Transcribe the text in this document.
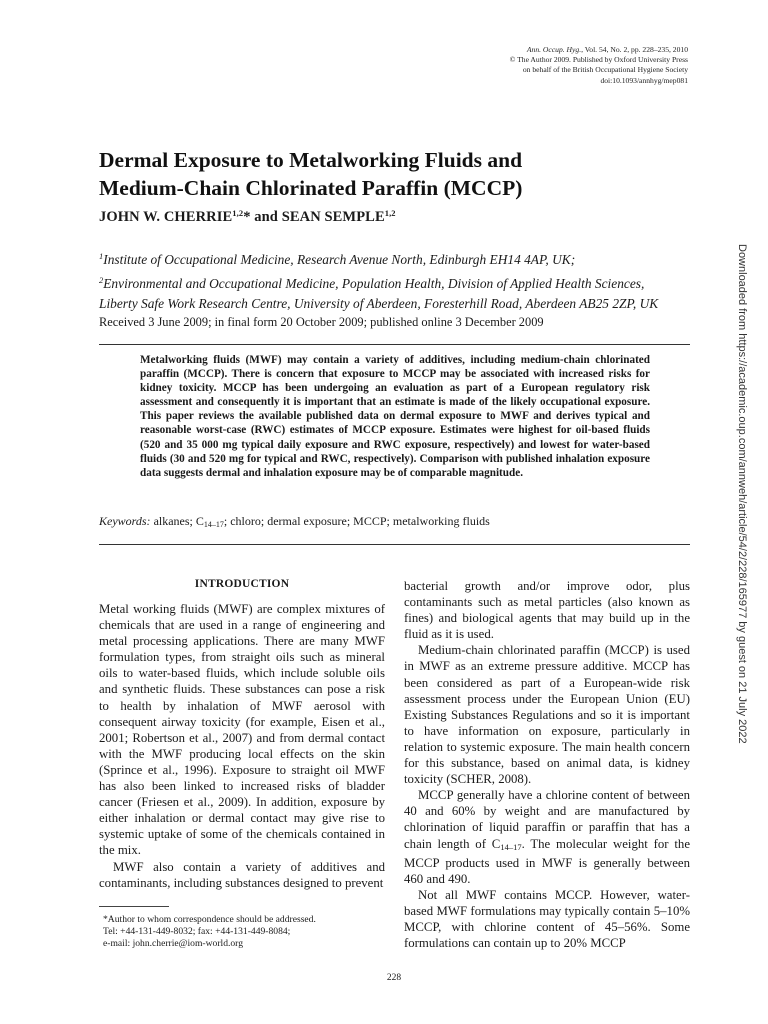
Ann. Occup. Hyg., Vol. 54, No. 2, pp. 228–235, 2010
© The Author 2009. Published by Oxford University Press
on behalf of the British Occupational Hygiene Society
doi:10.1093/annhyg/mep081
Dermal Exposure to Metalworking Fluids and
Medium-Chain Chlorinated Paraffin (MCCP)
JOHN W. CHERRIE$^{1,2}$* and SEAN SEMPLE$^{1,2}$
$^1$Institute of Occupational Medicine, Research Avenue North, Edinburgh EH14 4AP, UK;
$^2$Environmental and Occupational Medicine, Population Health, Division of Applied Health Sciences,
Liberty Safe Work Research Centre, University of Aberdeen, Foresterhill Road, Aberdeen AB25 2ZP, UK
Received 3 June 2009; in final form 20 October 2009; published online 3 December 2009

Metalworking fluids (MWF) may contain a variety of additives, including medium-chain chlorinated paraffin (MCCP). There is concern that exposure to MCCP may be associated with increased risks for kidney toxicity. MCCP has been undergoing an evaluation as part of a European regulatory risk assessment and consequently it is important that an estimate is made of the likely occupational exposure. This paper reviews the available published data on dermal exposure to MWF and derives typical and reasonable worst-case (RWC) estimates of MCCP exposure. Estimates were highest for oil-based fluids (520 and 35 000 mg typical daily exposure and RWC exposure, respectively) and lowest for water-based fluids (30 and 520 mg for typical and RWC, respectively). Comparison with published inhalation exposure data suggests dermal and inhalation exposure may be of comparable magnitude.

Keywords: alkanes; $C_{14-17}$; chloro; dermal exposure; MCCP; metalworking fluids
INTRODUCTION

Metal working fluids (MWF) are complex mixtures of chemicals that are used in a range of engineering and metal processing applications. There are many MWF formulation types, from straight oils such as mineral oils to water-based fluids, which include soluble oils and synthetic fluids. These substances can pose a risk to health by inhalation of MWF aerosol with consequent airway toxicity (for example, Eisen et al., 2001; Robertson et al., 2007) and from dermal contact with the MWF producing local effects on the skin (Sprince et al., 1996). Exposure to straight oil MWF has also been linked to increased risks of bladder cancer (Friesen et al., 2009). In addition, exposure by either inhalation or dermal contact may give rise to systemic uptake of some of the chemicals contained in the mix.

MWF also contain a variety of additives and contaminants, including substances designed to prevent

bacterial growth and/or improve odor, plus contaminants such as metal particles (also known as fines) and biological agents that may build up in the fluid as it is used.

Medium-chain chlorinated paraffin (MCCP) is used in MWF as an extreme pressure additive. MCCP has been considered as part of a European-wide risk assessment process under the European Union (EU) Existing Substances Regulations and so it is important to have information on exposure, particularly in relation to systemic exposure. The main health concern for this substance, based on animal data, is kidney toxicity (SCHER, 2008).

MCCP generally have a chlorine content of between 40 and 60% by weight and are manufactured by chlorination of liquid paraffin or paraffin that has a chain length of $C_{14-17}$. The molecular weight for the MCCP products used in MWF is generally between 460 and 490.

Not all MWF contains MCCP. However, water-based MWF formulations may typically contain 5–10% MCCP, with chlorine content of 45–56%. Some formulations can contain up to 20% MCCP

*Author to whom correspondence should be addressed.
Tel: +44-131-449-8032; fax: +44-131-449-8084;
e-mail: john.cherrie@iom-world.org
228
Downloaded from https://academic.oup.com/annweh/article/54/2/228/165977 by guest on 21 July 2022
